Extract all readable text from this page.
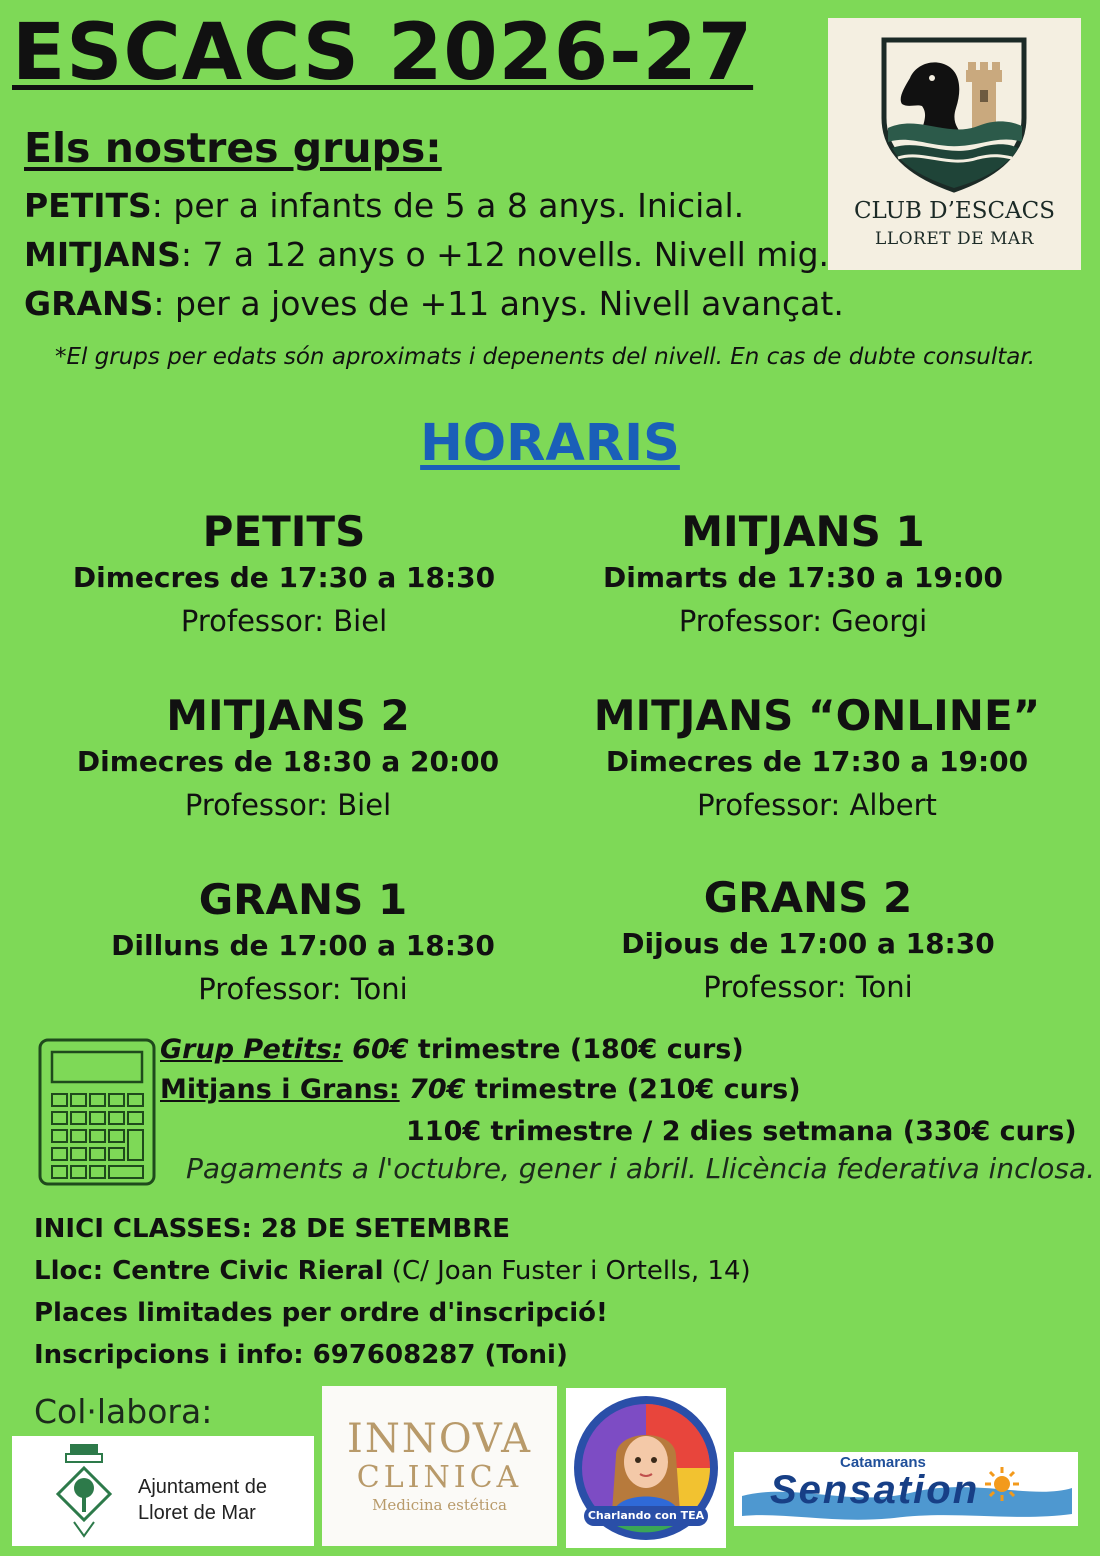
ESCACS 2026-27
CLUB D’ESCACS
LLORET DE MAR
Els nostres grups:
PETITS: per a infants de 5 a 8 anys. Inicial.
MITJANS: 7 a 12 anys o +12 novells. Nivell mig.
GRANS: per a joves de +11 anys. Nivell avançat.
*El grups per edats són aproximats i depenents del nivell. En cas de dubte consultar.
HORARIS
PETITS
Dimecres de 17:30 a 18:30
Professor: Biel
MITJANS 1
Dimarts de 17:30 a 19:00
Professor: Georgi
MITJANS 2
Dimecres de 18:30 a 20:00
Professor: Biel
MITJANS “ONLINE”
Dimecres de 17:30 a 19:00
Professor: Albert
GRANS 1
Dilluns de 17:00 a 18:30
Professor: Toni
GRANS 2
Dijous de 17:00 a 18:30
Professor: Toni
Grup Petits: 60€ trimestre (180€ curs)
Mitjans i Grans: 70€ trimestre (210€ curs)
110€ trimestre / 2 dies setmana (330€ curs)
Pagaments a l'octubre, gener i abril. Llicència federativa inclosa.
INICI CLASSES: 28 DE SETEMBRE
Lloc: Centre Civic Rieral (C/ Joan Fuster i Ortells, 14)
Places limitades per ordre d'inscripció!
Inscripcions i info: 697608287 (Toni)
Col·labora:
Ajuntament de
Lloret de Mar
INNOVA
CLINICA
Medicina estética
Charlando con TEA
Catamarans
Sensation
